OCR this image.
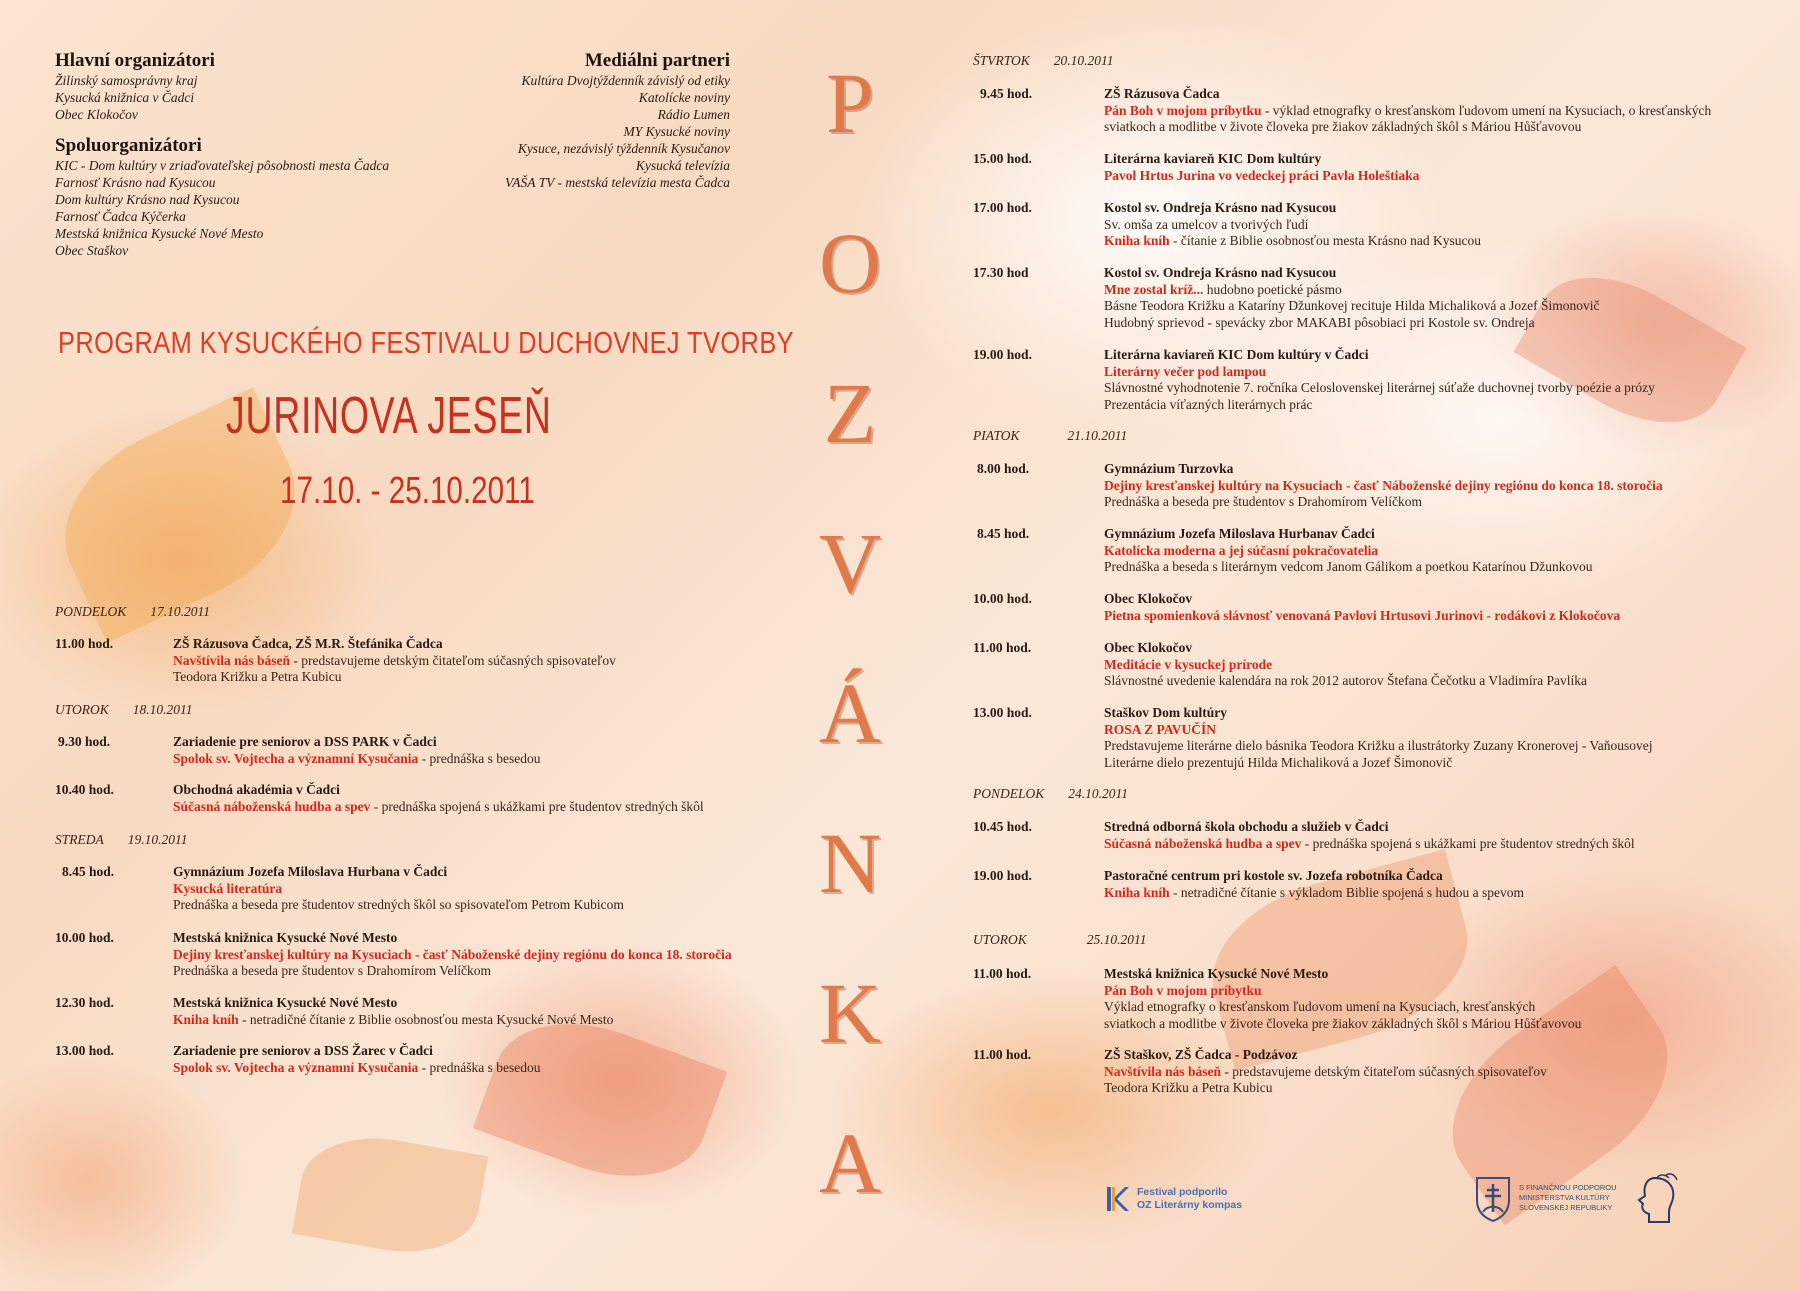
Hlavní organizátori
Žilinský samosprávny kraj
Kysucká knižnica v Čadci
Obec Klokočov
Spoluorganizátori
KIC - Dom kultúry v zriaďovateľskej pôsobnosti mesta Čadca
Farnosť Krásno nad Kysucou
Dom kultúry Krásno nad Kysucou
Farnosť Čadca Kýčerka
Mestská knižnica Kysucké Nové Mesto
Obec Staškov
Mediálni partneri
Kultúra Dvojtýždenník závislý od etiky
Katolícke noviny
Rádio Lumen
MY Kysucké noviny
Kysuce, nezávislý týždenník Kysučanov
Kysucká televízia
VAŠA TV - mestská televízia mesta Čadca
PROGRAM KYSUCKÉHO FESTIVALU DUCHOVNEJ TVORBY
JURINOVA JESEŇ
17.10. - 25.10.2011
P
O
Z
V
Á
N
K
A
PONDELOK 17.10.2011
11.00 hod.	ZŠ Rázusova Čadca, ZŠ M.R. Štefánika Čadca
Navštívila nás báseň - predstavujeme detským čitateľom súčasných spisovateľov
Teodora Križku a Petra Kubicu
UTOROK 18.10.2011
9.30 hod.	Zariadenie pre seniorov a DSS PARK v Čadci
Spolok sv. Vojtecha a významní Kysučania - prednáška s besedou
10.40 hod.	Obchodná akadémia v Čadci
Súčasná náboženská hudba a spev - prednáška spojená s ukážkami pre študentov stredných škôl
STREDA 19.10.2011
8.45 hod.	Gymnázium Jozefa Miloslava Hurbana v Čadci
Kysucká literatúra
Prednáška a beseda pre študentov stredných škôl so spisovateľom Petrom Kubicom
10.00 hod.	Mestská knižnica Kysucké Nové Mesto
Dejiny kresťanskej kultúry na Kysuciach - časť Náboženské dejiny regiónu do konca 18. storočia
Prednáška a beseda pre študentov s Drahomírom Velíčkom
12.30 hod.	Mestská knižnica Kysucké Nové Mesto
Kniha kníh - netradičné čítanie z Biblie osobnosťou mesta Kysucké Nové Mesto
13.00 hod.	Zariadenie pre seniorov a DSS Žarec v Čadci
Spolok sv. Vojtecha a významní Kysučania - prednáška s besedou
ŠTVRTOK 20.10.2011
9.45 hod.	ZŠ Rázusova Čadca
Pán Boh v mojom príbytku - výklad etnografky o kresťanskom ľudovom umení na Kysuciach, o kresťanských
sviatkoch a modlitbe v živote človeka pre žiakov základných škôl s Máriou Hůšťavovou
15.00 hod.	Literárna kaviareň KIC Dom kultúry
Pavol Hrtus Jurina vo vedeckej práci Pavla Holeštiaka
17.00 hod.	Kostol sv. Ondreja Krásno nad Kysucou
Sv. omša za umelcov a tvorivých ľudí
Kniha kníh - čítanie z Biblie osobnosťou mesta Krásno nad Kysucou
17.30 hod	Kostol sv. Ondreja Krásno nad Kysucou
Mne zostal kríž... hudobno poetické pásmo
Básne Teodora Križku a Kataríny Džunkovej recituje Hilda Michaliková a Jozef Šimonovič
Hudobný sprievod - spevácky zbor MAKABI pôsobiaci pri Kostole sv. Ondreja
19.00 hod.	Literárna kaviareň KIC Dom kultúry v Čadci
Literárny večer pod lampou
Slávnostné vyhodnotenie 7. ročníka Celoslovenskej literárnej súťaže duchovnej tvorby poézie a prózy
Prezentácia víťazných literárnych prác
PIATOK	21.10.2011
8.00 hod.	Gymnázium Turzovka
Dejiny kresťanskej kultúry na Kysuciach - časť Náboženské dejiny regiónu do konca 18. storočia
Prednáška a beseda pre študentov s Drahomírom Velíčkom
8.45 hod.	Gymnázium Jozefa Miloslava Hurbanav Čadci
Katolícka moderna a jej súčasní pokračovatelia
Prednáška a beseda s literárnym vedcom Janom Gálikom a poetkou Katarínou Džunkovou
10.00 hod.	Obec Klokočov
Pietna spomienková slávnosť venovaná Pavlovi Hrtusovi Jurinovi - rodákovi z Klokočova
11.00 hod.	Obec Klokočov
Meditácie v kysuckej prírode
Slávnostné uvedenie kalendára na rok 2012 autorov Štefana Čečotku a Vladimíra Pavlíka
13.00 hod.	Staškov Dom kultúry
ROSA Z PAVUČÍN
Predstavujeme literárne dielo básnika Teodora Križku a ilustrátorky Zuzany Kronerovej - Vaňousovej
Literárne dielo prezentujú Hilda Michaliková a Jozef Šimonovič
PONDELOK 24.10.2011
10.45 hod.	Stredná odborná škola obchodu a služieb v Čadci
Súčasná náboženská hudba a spev - prednáška spojená s ukážkami pre študentov stredných škôl
19.00 hod.	Pastoračné centrum pri kostole sv. Jozefa robotníka Čadca
Kniha kníh - netradičné čítanie s výkladom Biblie spojená s hudou a spevom
UTOROK	25.10.2011
11.00 hod.	Mestská knižnica Kysucké Nové Mesto
Pán Boh v mojom príbytku
Výklad etnografky o kresťanskom ľudovom umení na Kysuciach, kresťanských
sviatkoch a modlitbe v živote človeka pre žiakov základných škôl s Máriou Hůšťavovou
11.00 hod.	ZŠ Staškov, ZŠ Čadca - Podzávoz
Navštívila nás báseň - predstavujeme detským čitateľom súčasných spisovateľov
Teodora Križku a Petra Kubicu
Festival podporilo
OZ Literárny kompas
S FINANČNOU PODPOROU
MINISTERSTVA KULTÚRY
SLOVENSKEJ REPUBLIKY
